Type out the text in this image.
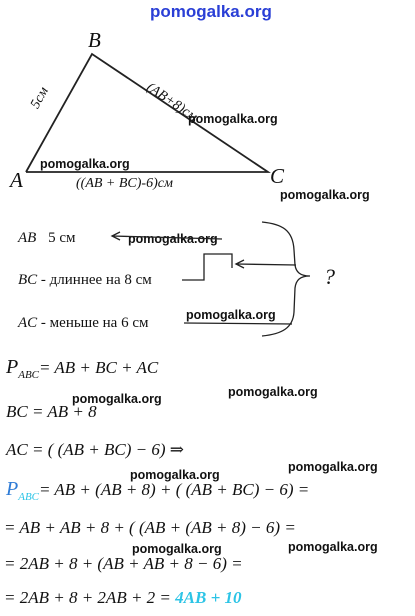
pomogalka.org
B
A	C
5см	(AB+8)см
((AB + BC)-6)см
pomogalka.org
pomogalka.org
pomogalka.org
pomogalka.org
pomogalka.org
pomogalka.org
pomogalka.org
pomogalka.org
pomogalka.org
pomogalka.org	pomogalka.org
AB 5 см
BC - длиннее на 8 см
AC - меньше на 6 см
?
$P_{ABC}=$ AB + BC + AC
BC = AB + 8
AC = ( (AB + BC) − 6) ⇒
$P_{ABC}=$ AB + (AB + 8) + ( (AB + BC) − 6) =
= AB + AB + 8 + ( (AB + (AB + 8) − 6) =
= 2AB + 8 + (AB + AB + 8 − 6) =
= 2AB + 8 + 2AB + 2 = 4AB + 10
